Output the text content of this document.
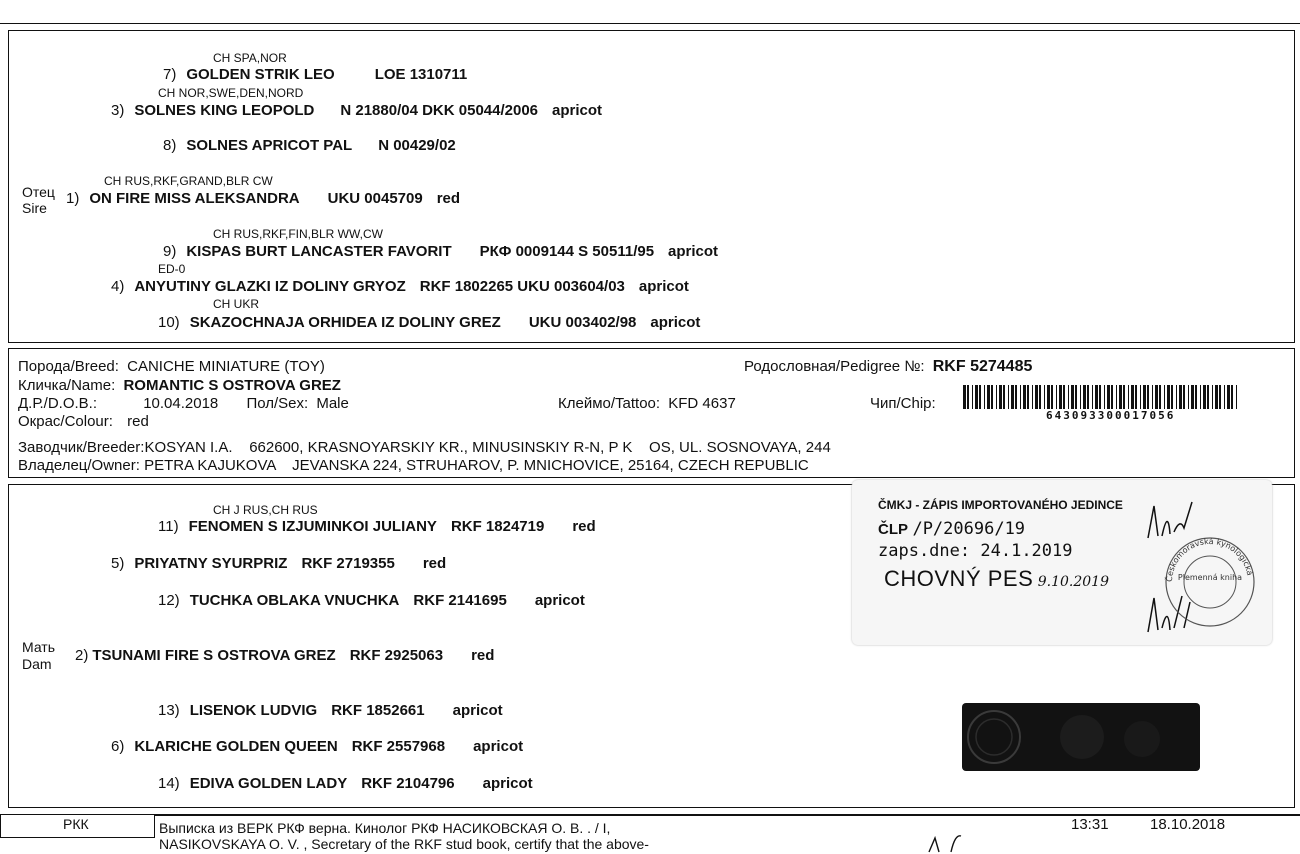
CH SPA,NOR
7) GOLDEN STRIK LEO	LOE 1310711
CH NOR,SWE,DEN,NORD
3) SOLNES KING LEOPOLD N 21880/04 DKK 05044/2006 apricot
8) SOLNES APRICOT PAL N 00429/02
CH RUS,RKF,GRAND,BLR CW
Отец
Sire
1) ON FIRE MISS ALEKSANDRA UKU 0045709 red
CH RUS,RKF,FIN,BLR WW,CW
9) KISPAS BURT LANCASTER FAVORIT РКФ 0009144 S 50511/95 apricot
ED-0
4) ANYUTINY GLAZKI IZ DOLINY GRYOZ RKF 1802265 UKU 003604/03 apricot
CH UKR
10) SKAZOCHNAJA ORHIDEA IZ DOLINY GREZ UKU 003402/98 apricot
Порода/Breed: CANICHE MINIATURE (TOY)	Родословная/Pedigree №: RKF 5274485
Кличка/Name: ROMANTIC S OSTROVA GREZ
Д.Р./D.O.B.:	10.04.2018 Пол/Sex: Male	Клеймо/Tattoo: KFD 4637	Чип/Chip:
643093300017056
Окрас/Colour: red
Заводчик/Breeder:KOSYAN I.A.    662600, KRASNOYARSKIY KR., MINUSINSKIY R-N, P K    OS, UL. SOSNOVAYA, 244
Владелец/Owner: PETRA KAJUKOVA    JEVANSKA 224, STRUHAROV, P. MNICHOVICE, 25164, CZECH REPUBLIC
CH J RUS,CH RUS
11) FENOMEN S IZJUMINKOI JULIANY RKF 1824719 red
5) PRIYATNY SYURPRIZ RKF 2719355 red
12) TUCHKA OBLAKA VNUCHKA RKF 2141695 apricot
Мать
Dam 2) TSUNAMI FIRE S OSTROVA GREZ RKF 2925063 red
13) LISENOK LUDVIG RKF 1852661 apricot
6) KLARICHE GOLDEN QUEEN RKF 2557968 apricot
14) EDIVA GOLDEN LADY RKF 2104796 apricot
ČMKJ - ZÁPIS IMPORTOVANÉHO JEDINCE
ČLP /P/20696/19
zaps.dne: 24.1.2019
CHOVNÝ PES 9.10.2019	Českomoravská kynologická
Plemenná kniha
РКК	Выписка из ВЕРК РКФ верна. Кинолог РКФ НАСИКОВСКАЯ О. В. . / I,
NASIKOVSKAYA O. V. , Secretary of the RKF stud book, certify that the above-
13:31	18.10.2018
